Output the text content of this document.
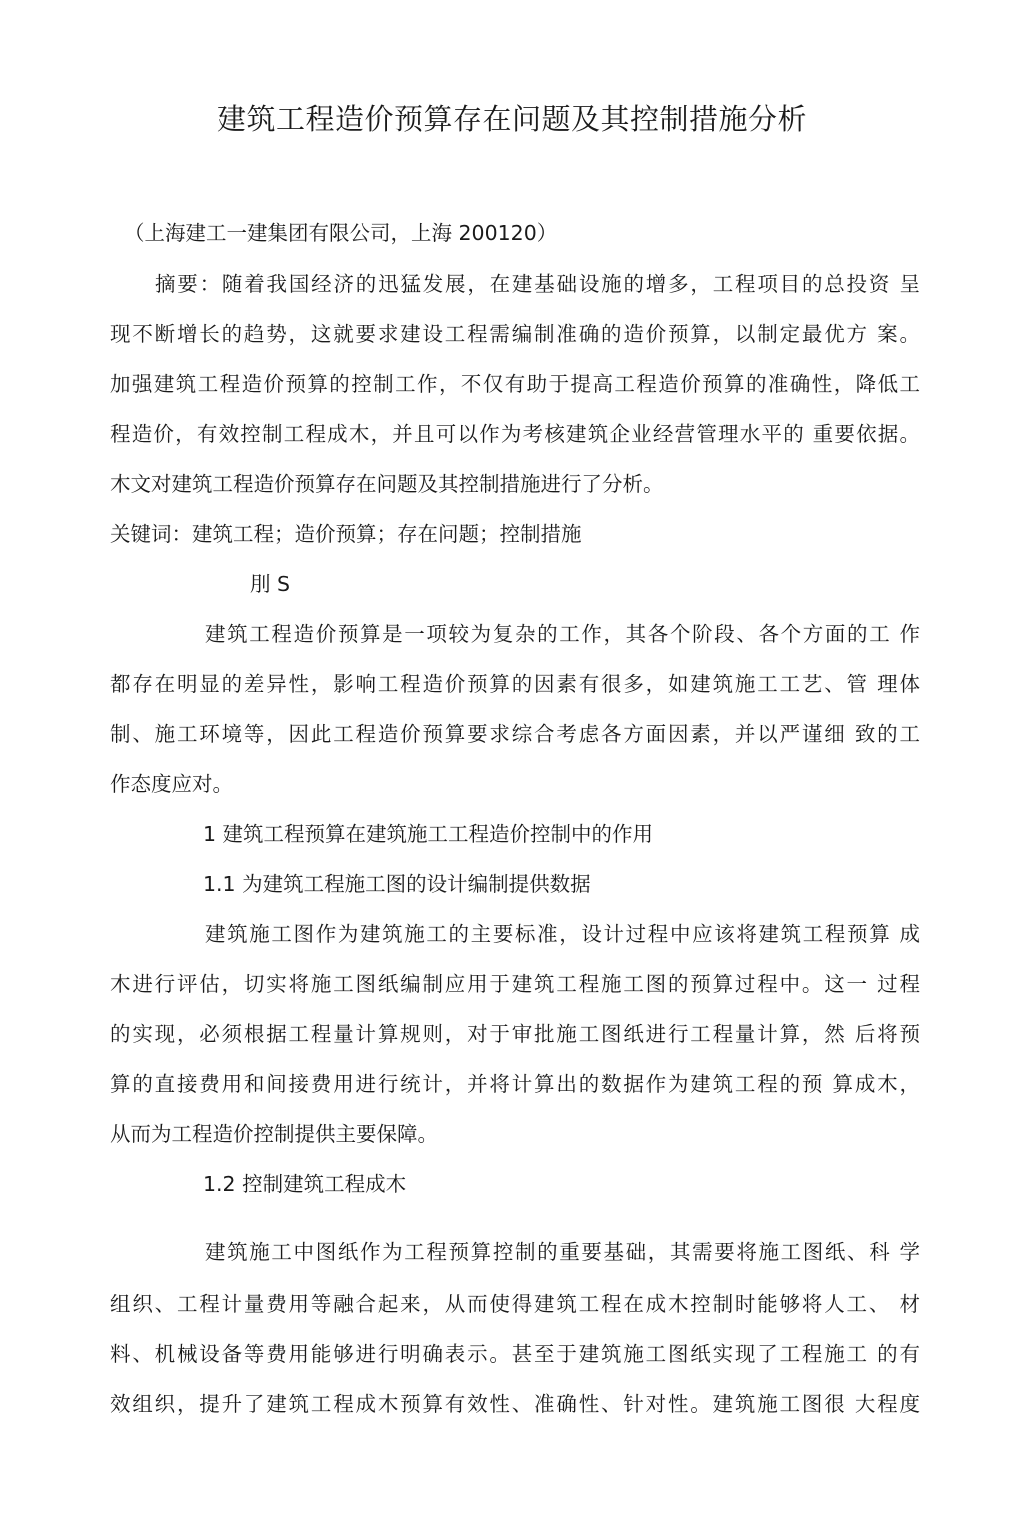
建筑工程造价预算存在问题及其控制措施分析
（上海建工一建集团有限公司，上海 200120）
摘要：随着我国经济的迅猛发展，在建基础设施的增多，工程项目的总投资 呈
现不断增长的趋势，这就要求建设工程需编制准确的造价预算，以制定最优方 案。
加强建筑工程造价预算的控制工作，不仅有助于提高工程造价预算的准确性，降低工
程造价，有效控制工程成木，并且可以作为考核建筑企业经营管理水平的 重要依据。
木文对建筑工程造价预算存在问题及其控制措施进行了分析。
关键词：建筑工程；造价预算；存在问题；控制措施
刖 S
建筑工程造价预算是一项较为复杂的工作，其各个阶段、各个方面的工 作
都存在明显的差异性，影响工程造价预算的因素有很多，如建筑施工工艺、管 理体
制、施工环境等，因此工程造价预算要求综合考虑各方面因素，并以严谨细 致的工
作态度应对。
1 建筑工程预算在建筑施工工程造价控制中的作用
1.1 为建筑工程施工图的设计编制提供数据
建筑施工图作为建筑施工的主要标准，设计过程中应该将建筑工程预算 成
木进行评估，切实将施工图纸编制应用于建筑工程施工图的预算过程中。这一 过程
的实现，必须根据工程量计算规则，对于审批施工图纸进行工程量计算，然 后将预
算的直接费用和间接费用进行统计，并将计算出的数据作为建筑工程的预 算成木，
从而为工程造价控制提供主要保障。
1.2 控制建筑工程成木
建筑施工中图纸作为工程预算控制的重要基础，其需要将施工图纸、科 学
组织、工程计量费用等融合起来，从而使得建筑工程在成木控制时能够将人工、 材
料、机械设备等费用能够进行明确表示。甚至于建筑施工图纸实现了工程施工 的有
效组织，提升了建筑工程成木预算有效性、准确性、针对性。建筑施工图很 大程度
